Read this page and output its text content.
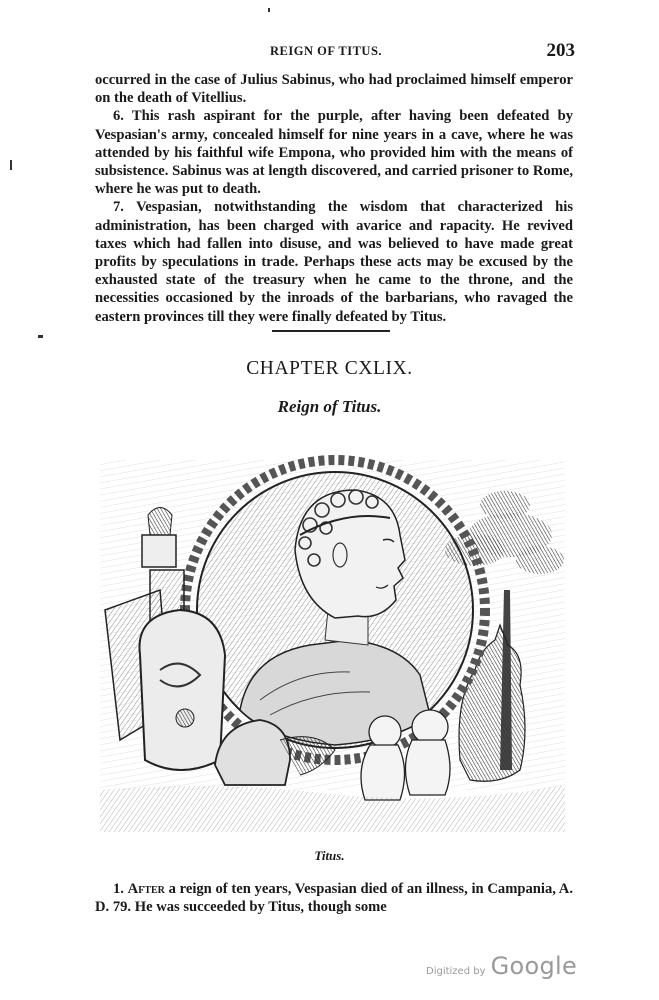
REIGN OF TITUS.	203

occurred in the case of Julius Sabinus, who had proclaimed himself emperor on the death of Vitellius.

6. This rash aspirant for the purple, after having been defeated by Vespasian's army, concealed himself for nine years in a cave, where he was attended by his faithful wife Empona, who provided him with the means of subsistence. Sabinus was at length discovered, and carried prisoner to Rome, where he was put to death.

7. Vespasian, notwithstanding the wisdom that characterized his administration, has been charged with avarice and rapacity. He revived taxes which had fallen into disuse, and was believed to have made great profits by speculations in trade. Perhaps these acts may be excused by the exhausted state of the treasury when he came to the throne, and the necessities occasioned by the inroads of the barbarians, who ravaged the eastern provinces till they were finally defeated by Titus.

CHAPTER CXLIX.
Reign of Titus.
Titus.

1. After a reign of ten years, Vespasian died of an illness, in Campania, A. D. 79. He was succeeded by Titus, though some

Digitized by Google
